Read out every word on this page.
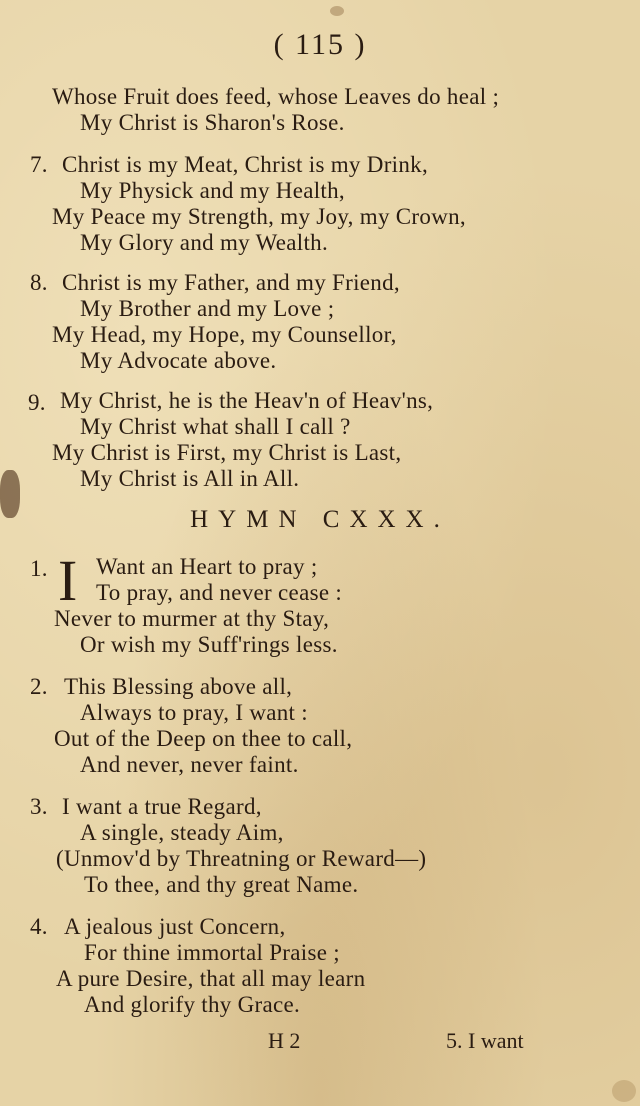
( 115 )
Whose Fruit does feed, whose Leaves do heal ;
My Christ is Sharon's Rose.
7. Christ is my Meat, Christ is my Drink,
My Physick and my Health,
My Peace my Strength, my Joy, my Crown,
My Glory and my Wealth.
8. Christ is my Father, and my Friend,
My Brother and my Love ;
My Head, my Hope, my Counsellor,
My Advocate above.
9. My Christ, he is the Heav'n of Heav'ns,
My Christ what shall I call ?
My Christ is First, my Christ is Last,
My Christ is All in All.
HYMN CXXX.
1. I Want an Heart to pray ;
To pray, and never cease :
Never to murmer at thy Stay,
Or wish my Suff'rings less.
2. This Blessing above all,
Always to pray, I want :
Out of the Deep on thee to call,
And never, never faint.
3. I want a true Regard,
A single, steady Aim,
(Unmov'd by Threatning or Reward—)
To thee, and thy great Name.
4. A jealous just Concern,
For thine immortal Praise ;
A pure Desire, that all may learn
And glorify thy Grace.
H 2	5. I want
